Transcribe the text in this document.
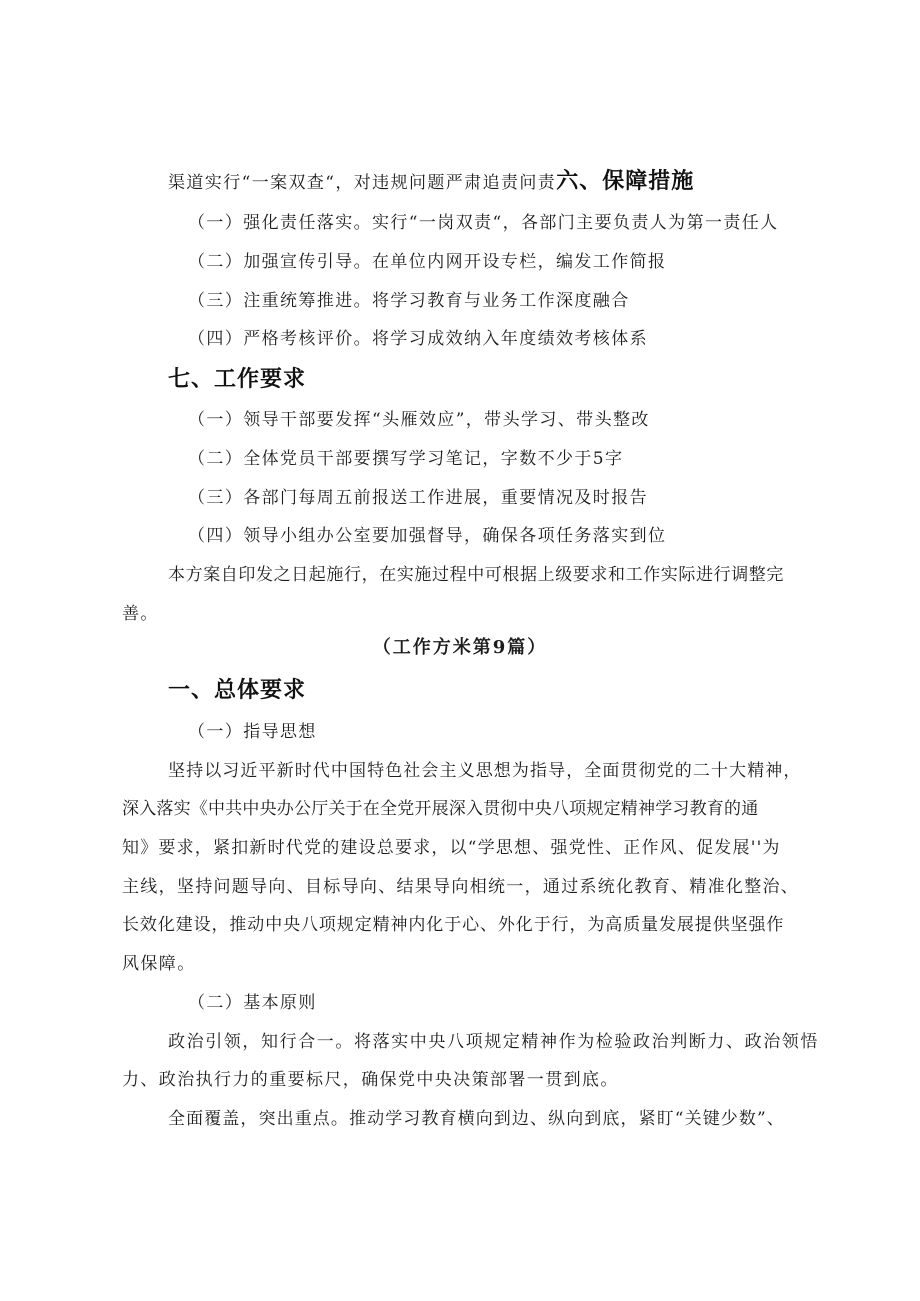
渠道实行“一案双查“，对违规问题严肃追责问责六、保障措施
（一）强化责任落实。实行“一岗双责“，各部门主要负责人为第一责任人
（二）加强宣传引导。在单位内网开设专栏，编发工作简报
（三）注重统筹推进。将学习教育与业务工作深度融合
（四）严格考核评价。将学习成效纳入年度绩效考核体系
七、工作要求
（一）领导干部要发挥“头雁效应”，带头学习、带头整改
（二）全体党员干部要撰写学习笔记，字数不少于5字
（三）各部门每周五前报送工作进展，重要情况及时报告
（四）领导小组办公室要加强督导，确保各项任务落实到位
本方案自印发之日起施行，在实施过程中可根据上级要求和工作实际进行调整完
善。
（工作方米第9篇）
一、总体要求
（一）指导思想
坚持以习近平新时代中国特色社会主义思想为指导，全面贯彻党的二十大精神，
深入落实《中共中央办公厅关于在全党开展深入贯彻中央八项规定精神学习教育的通
知》要求，紧扣新时代党的建设总要求，以“学思想、强党性、正作风、促发展''为
主线，坚持问题导向、目标导向、结果导向相统一，通过系统化教育、精准化整治、
长效化建设，推动中央八项规定精神内化于心、外化于行，为高质量发展提供坚强作
风保障。
（二）基本原则
政治引领，知行合一。将落实中央八项规定精神作为检验政治判断力、政治领悟
力、政治执行力的重要标尺，确保党中央决策部署一贯到底。
全面覆盖，突出重点。推动学习教育横向到边、纵向到底，紧盯“关键少数”、
